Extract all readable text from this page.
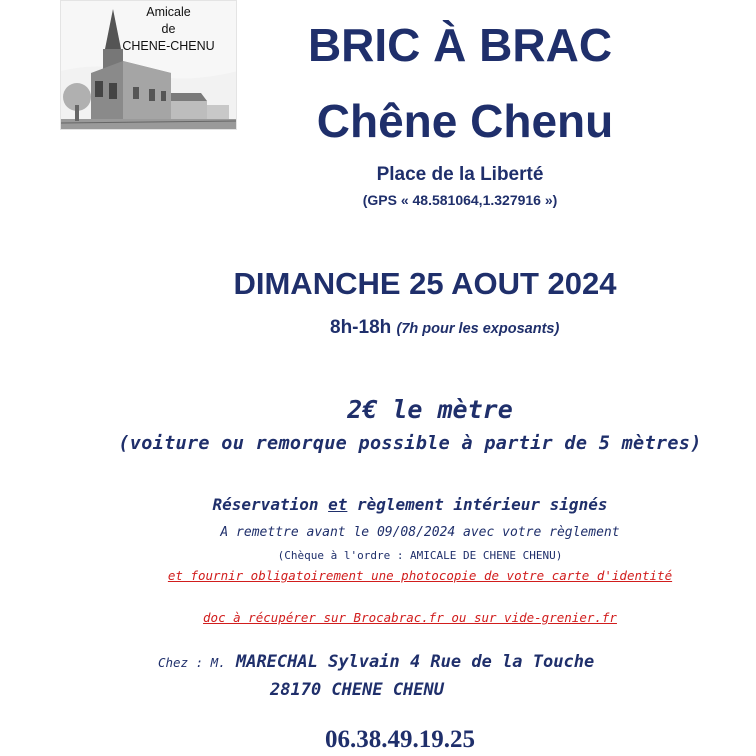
Amicale
de
CHENE-CHENU	BRIC À BRAC
Chêne Chenu
Place de la Liberté
(GPS « 48.581064,1.327916 »)
DIMANCHE 25 AOUT 2024
8h-18h (7h pour les exposants)
2€ le mètre
(voiture ou remorque possible à partir de 5 mètres)
Réservation et règlement intérieur signés
A remettre avant le 09/08/2024 avec votre règlement
(Chèque à l'ordre : AMICALE DE CHENE CHENU)
et fournir obligatoirement une photocopie de votre carte d'identité
doc à récupérer sur Brocabrac.fr ou sur vide-grenier.fr
Chez : M. MARECHAL Sylvain 4 Rue de la Touche
28170 CHENE CHENU
06.38.49.19.25
